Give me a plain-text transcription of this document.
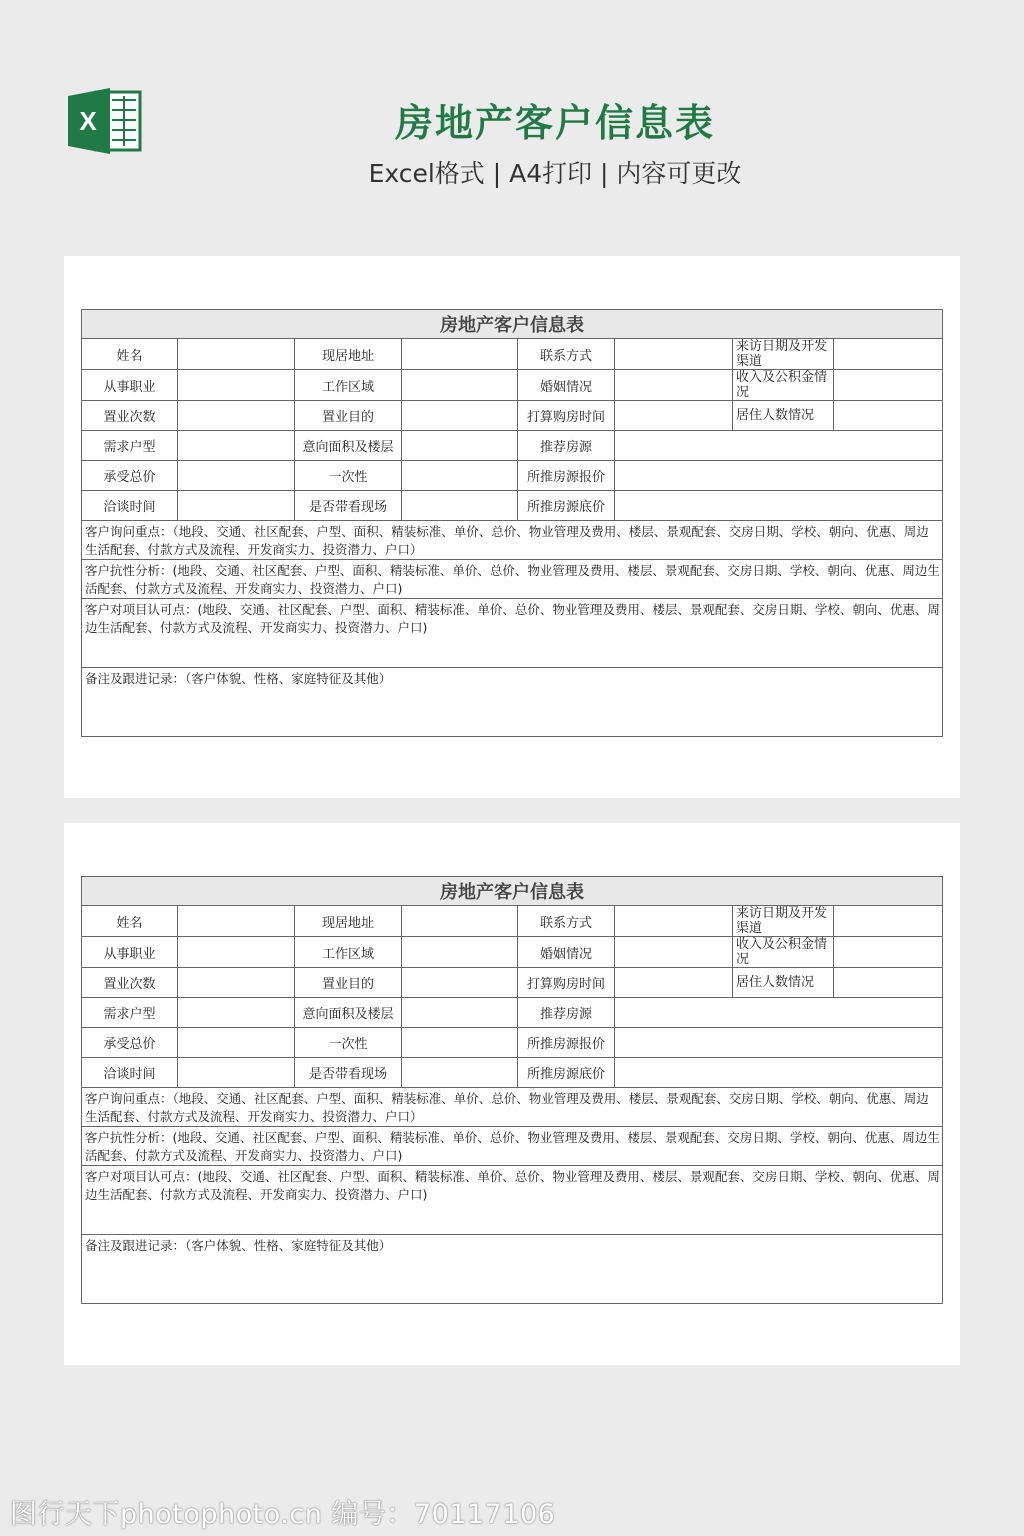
X	房地产客户信息表
Excel格式 | A4打印 | 内容可更改
房地产客户信息表							
姓名		现居地址		联系方式		来访日期及开发渠道	
从事职业		工作区域		婚姻情况		收入及公积金情况	
置业次数		置业目的		打算购房时间		居住人数情况	
需求户型		意向面积及楼层		推荐房源			
承受总价		一次性		所推房源报价			
洽谈时间		是否带看现场		所推房源底价			
客户询问重点：（地段、交通、社区配套、户型、面积、精装标准、单价、总价、物业管理及费用、楼层、景观配套、交房日期、学校、朝向、优惠、周边生活配套、付款方式及流程、开发商实力、投资潜力、户口）							
客户抗性分析：(地段、交通、社区配套、户型、面积、精装标准、单价、总价、物业管理及费用、楼层、景观配套、交房日期、学校、朝向、优惠、周边生活配套、付款方式及流程、开发商实力、投资潜力、户口)							
客户对项目认可点：(地段、交通、社区配套、户型、面积、精装标准、单价、总价、物业管理及费用、楼层、景观配套、交房日期、学校、朝向、优惠、周边生活配套、付款方式及流程、开发商实力、投资潜力、户口)							
备注及跟进记录：（客户体貌、性格、家庭特征及其他）							
房地产客户信息表							
姓名		现居地址		联系方式		来访日期及开发渠道	
从事职业		工作区域		婚姻情况		收入及公积金情况	
置业次数		置业目的		打算购房时间		居住人数情况	
需求户型		意向面积及楼层		推荐房源			
承受总价		一次性		所推房源报价			
洽谈时间		是否带看现场		所推房源底价			
客户询问重点：（地段、交通、社区配套、户型、面积、精装标准、单价、总价、物业管理及费用、楼层、景观配套、交房日期、学校、朝向、优惠、周边生活配套、付款方式及流程、开发商实力、投资潜力、户口）							
客户抗性分析：(地段、交通、社区配套、户型、面积、精装标准、单价、总价、物业管理及费用、楼层、景观配套、交房日期、学校、朝向、优惠、周边生活配套、付款方式及流程、开发商实力、投资潜力、户口)							
客户对项目认可点：(地段、交通、社区配套、户型、面积、精装标准、单价、总价、物业管理及费用、楼层、景观配套、交房日期、学校、朝向、优惠、周边生活配套、付款方式及流程、开发商实力、投资潜力、户口)							
备注及跟进记录：（客户体貌、性格、家庭特征及其他）							
图行天下photophoto.cn 编号：70117106
